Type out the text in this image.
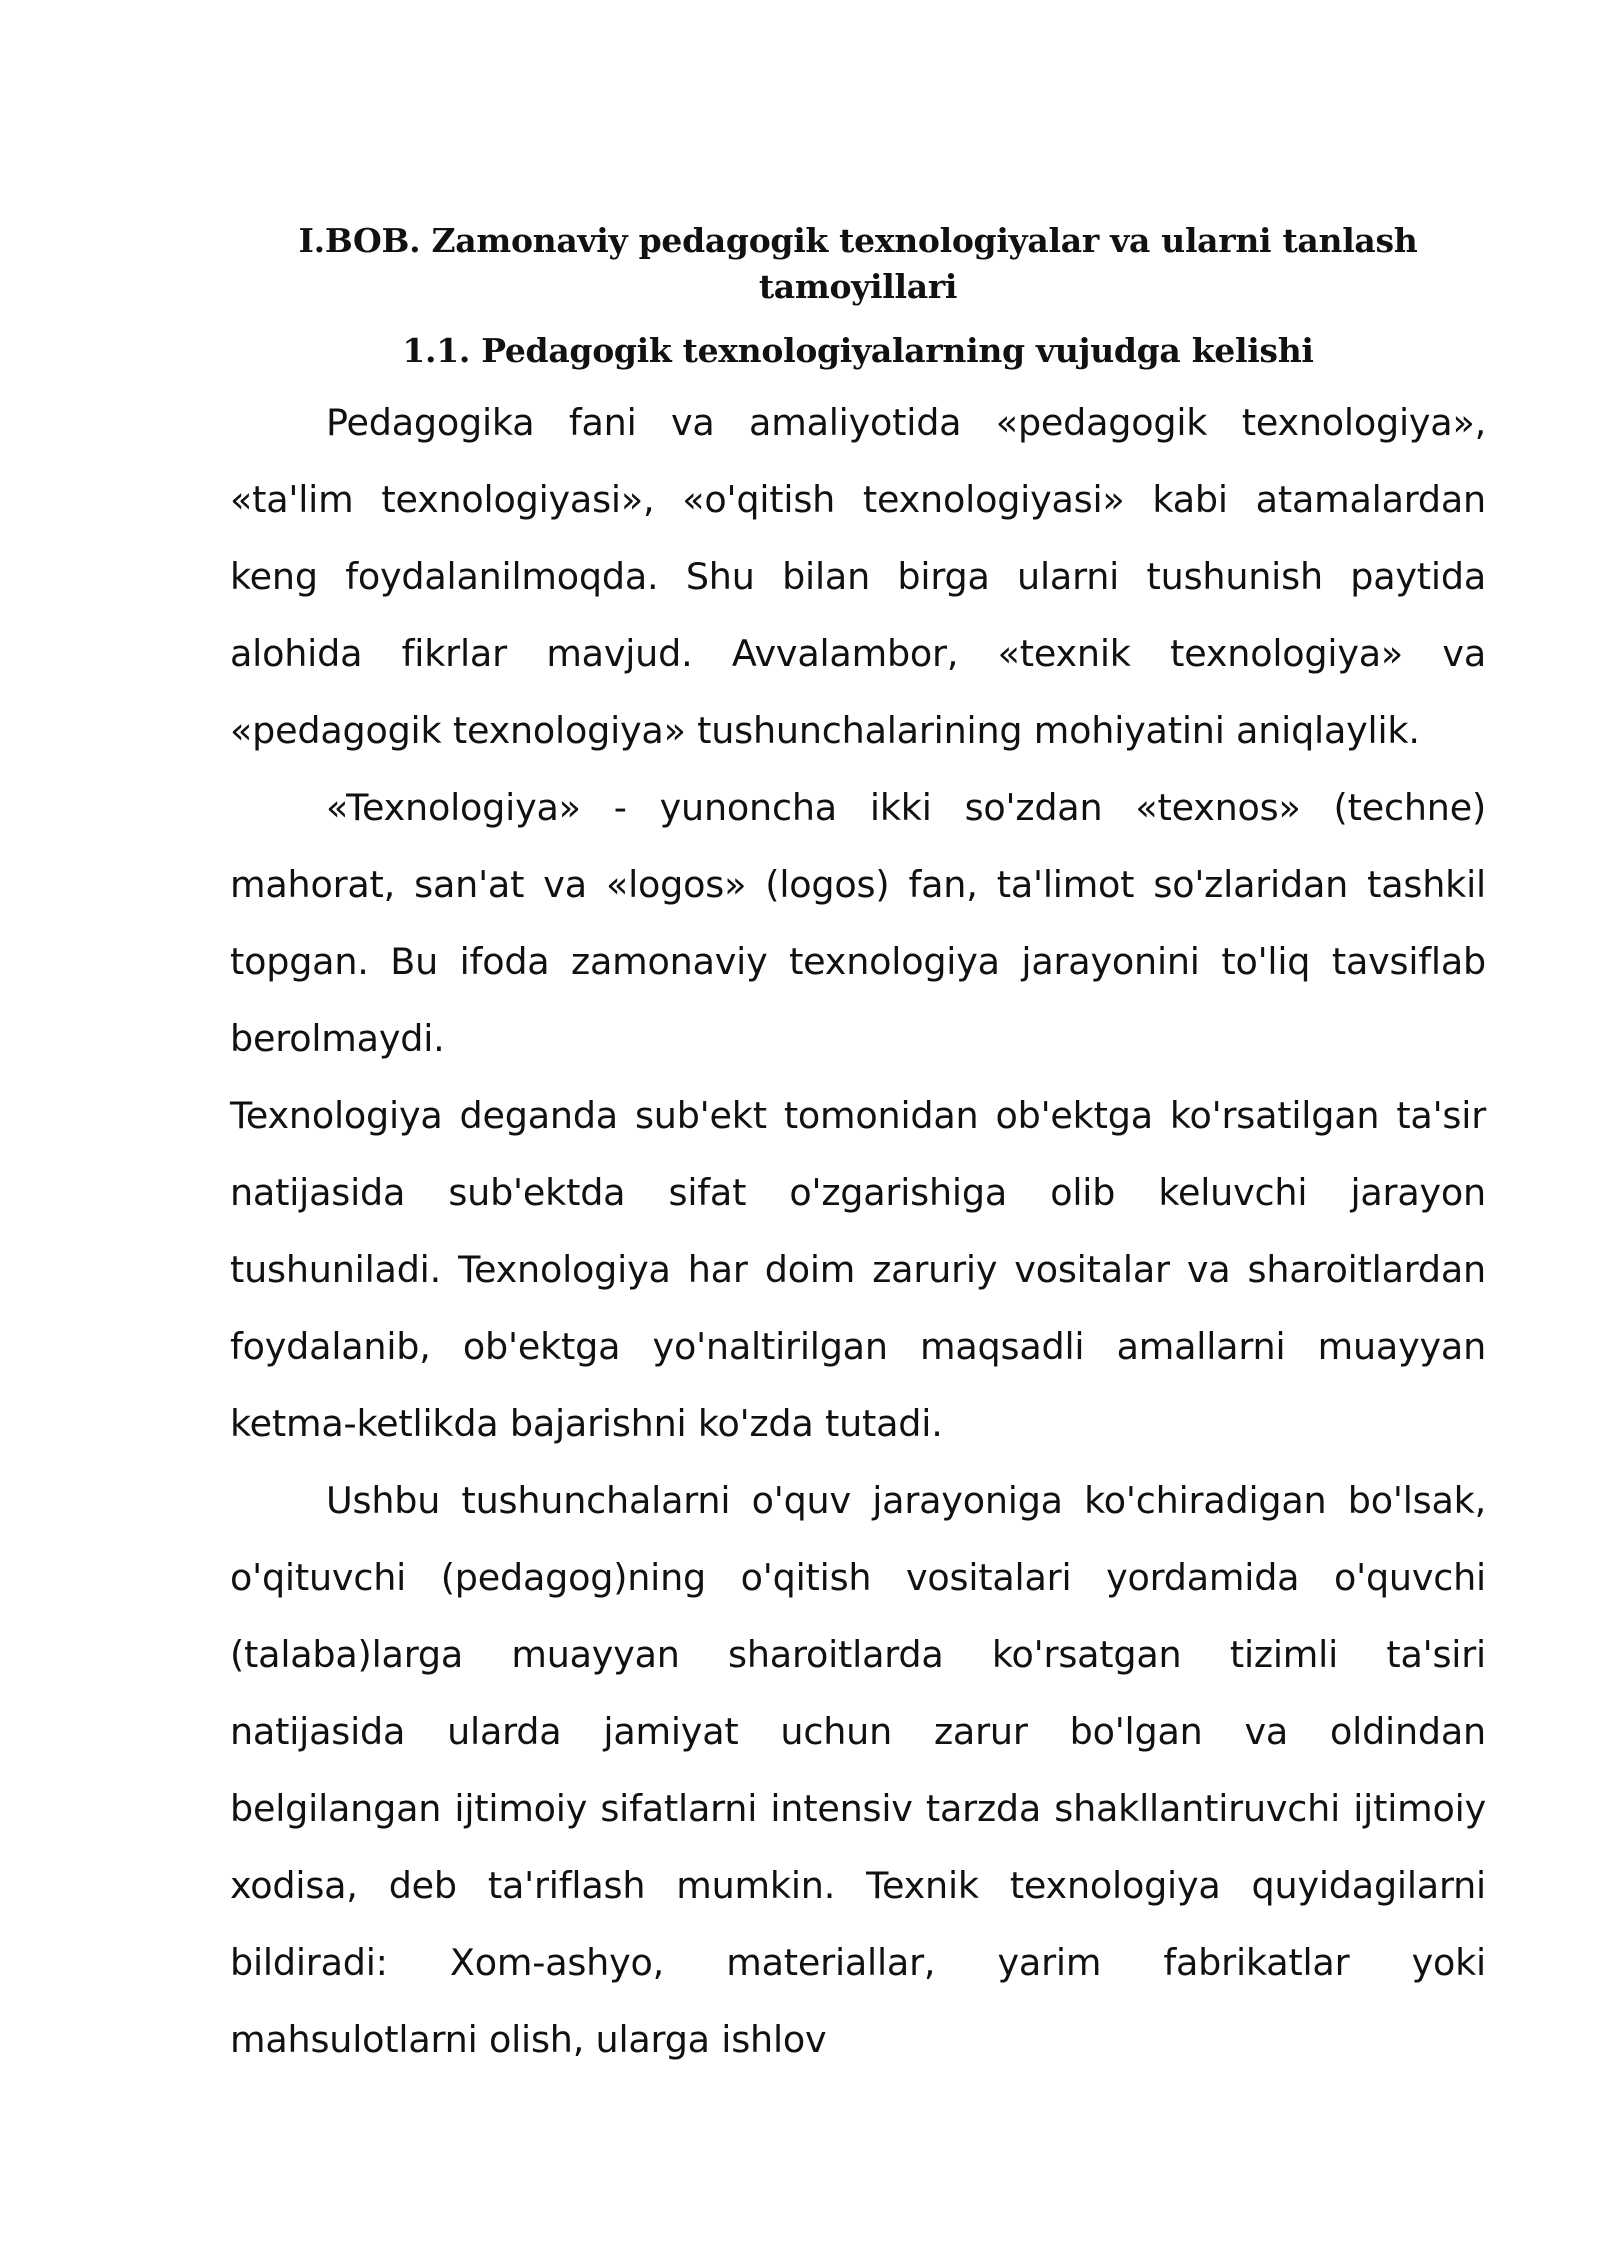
I.BOB. Zamonaviy pedagogik texnologiyalar va ularni tanlash tamoyillari
1.1. Pedagogik texnologiyalarning vujudga kelishi

Pedagogika fani va amaliyotida «pedagogik texnologiya», «ta'lim texnologiyasi», «o'qitish texnologiyasi» kabi atamalardan keng foydalanilmoqda. Shu bilan birga ularni tushunish paytida alohida fikrlar mavjud. Avvalambor, «texnik texnologiya» va «pedagogik texnologiya» tushunchalarining mohiyatini aniqlaylik.

«Texnologiya» - yunoncha ikki so'zdan «texnos» (techne) mahorat, san'at va «logos» (logos) fan, ta'limot so'zlaridan tashkil topgan. Bu ifoda zamonaviy texnologiya jarayonini to'liq tavsiflab berolmaydi.

Texnologiya deganda sub'ekt tomonidan ob'ektga ko'rsatilgan ta'sir natijasida sub'ektda sifat o'zgarishiga olib keluvchi jarayon tushuniladi. Texnologiya har doim zaruriy vositalar va sharoitlardan foydalanib, ob'ektga yo'naltirilgan maqsadli amallarni muayyan ketma-ketlikda bajarishni ko'zda tutadi.

Ushbu tushunchalarni o'quv jarayoniga ko'chiradigan bo'lsak, o'qituvchi (pedagog)ning o'qitish vositalari yordamida o'quvchi (talaba)larga muayyan sharoitlarda ko'rsatgan tizimli ta'siri natijasida ularda jamiyat uchun zarur bo'lgan va oldindan belgilangan ijtimoiy sifatlarni intensiv tarzda shakllantiruvchi ijtimoiy xodisa, deb ta'riflash mumkin. Texnik texnologiya quyidagilarni bildiradi: Xom-ashyo, materiallar, yarim fabrikatlar yoki mahsulotlarni olish, ularga ishlov
